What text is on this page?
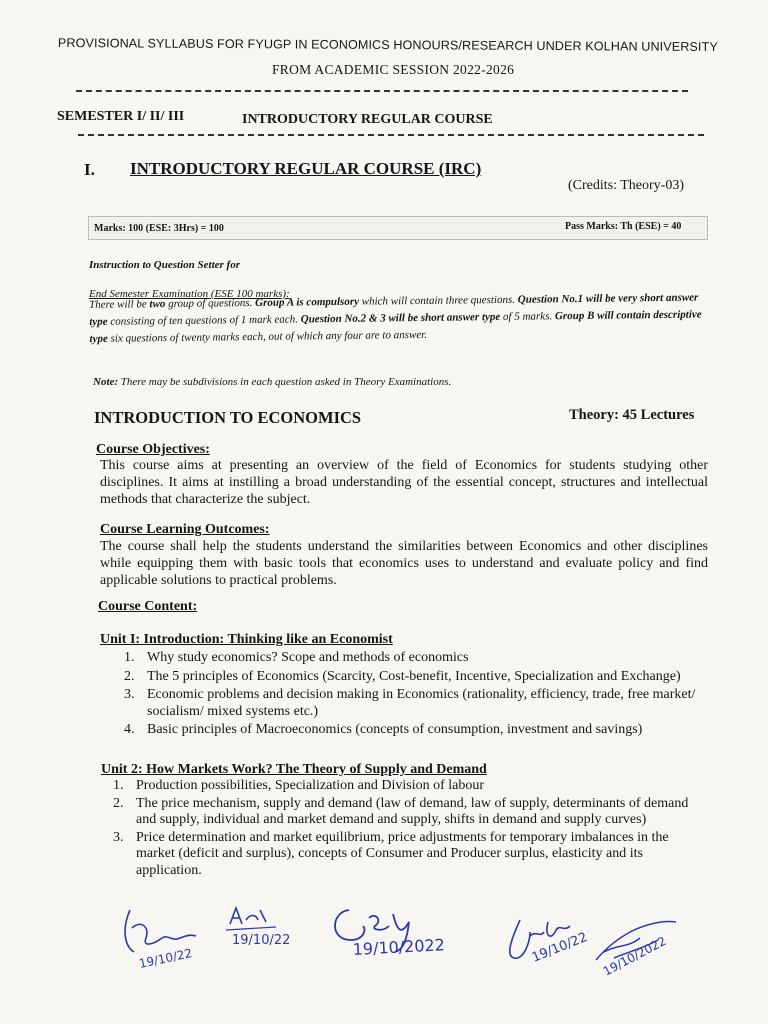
PROVISIONAL SYLLABUS FOR FYUGP IN ECONOMICS HONOURS/RESEARCH UNDER KOLHAN UNIVERSITY
FROM ACADEMIC SESSION 2022-2026
SEMESTER I/ II/ III	INTRODUCTORY REGULAR COURSE
I. INTRODUCTORY REGULAR COURSE (IRC)
(Credits: Theory-03)
Marks: 100 (ESE: 3Hrs) = 100	Pass Marks: Th (ESE) = 40
Instruction to Question Setter for
End Semester Examination (ESE 100 marks):
There will be two group of questions. Group A is compulsory which will contain three questions. Question No.1 will be very short answer type consisting of ten questions of 1 mark each. Question No.2 & 3 will be short answer type of 5 marks. Group B will contain descriptive type six questions of twenty marks each, out of which any four are to answer.
Note: There may be subdivisions in each question asked in Theory Examinations.
INTRODUCTION TO ECONOMICS	Theory: 45 Lectures
Course Objectives:
This course aims at presenting an overview of the field of Economics for students studying other disciplines. It aims at instilling a broad understanding of the essential concept, structures and intellectual methods that characterize the subject.
Course Learning Outcomes:
The course shall help the students understand the similarities between Economics and other disciplines while equipping them with basic tools that economics uses to understand and evaluate policy and find applicable solutions to practical problems.
Course Content:
Unit I: Introduction: Thinking like an Economist
1. Why study economics? Scope and methods of economics
2. The 5 principles of Economics (Scarcity, Cost-benefit, Incentive, Specialization and Exchange)
3. Economic problems and decision making in Economics (rationality, efficiency, trade, free market/ socialism/ mixed systems etc.)
4. Basic principles of Macroeconomics (concepts of consumption, investment and savings)
Unit 2: How Markets Work? The Theory of Supply and Demand
1. Production possibilities, Specialization and Division of labour
2. The price mechanism, supply and demand (law of demand, law of supply, determinants of demand and supply, individual and market demand and supply, shifts in demand and supply curves)
3. Price determination and market equilibrium, price adjustments for temporary imbalances in the market (deficit and surplus), concepts of Consumer and Producer surplus, elasticity and its application.
19/10/22
19/10/22	19/10/2022	19/10/22 19/10/2022
